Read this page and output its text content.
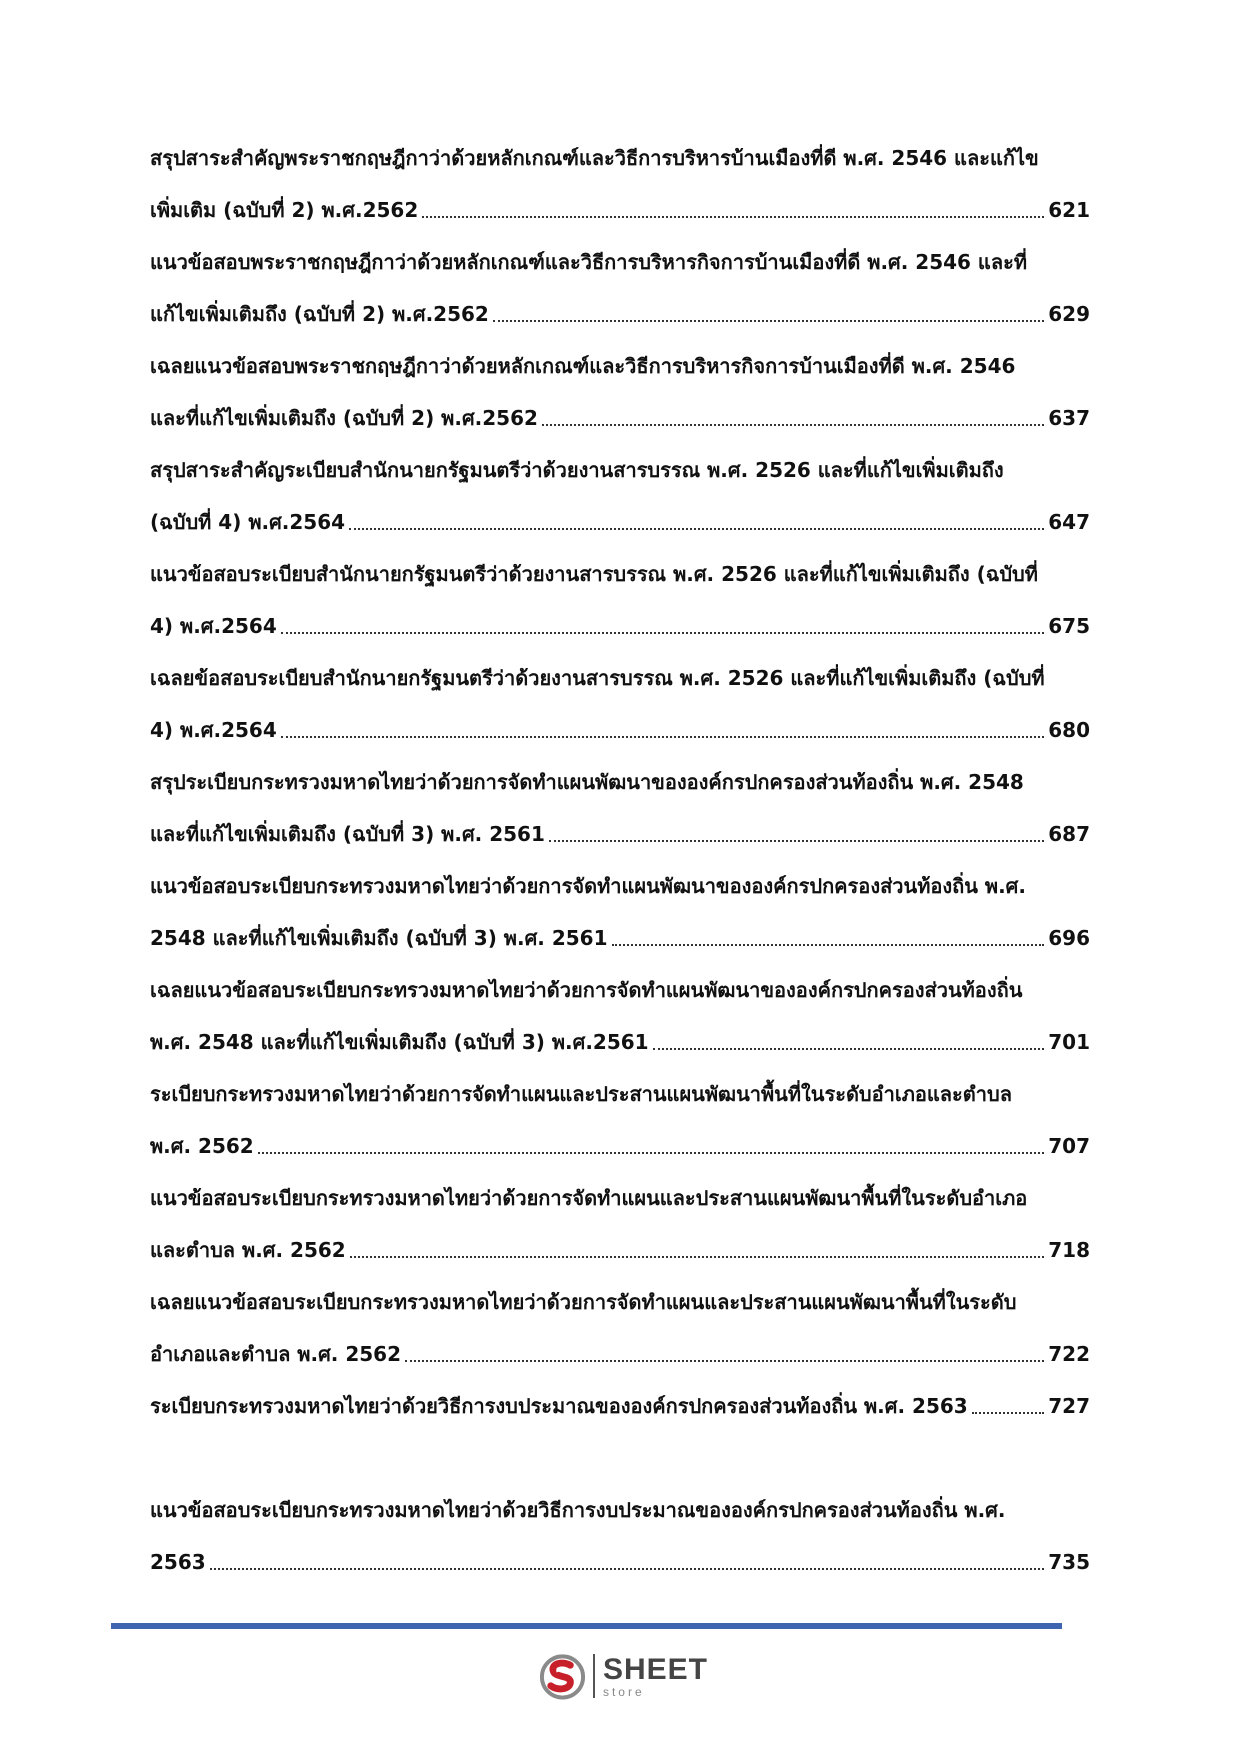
สรุปสาระสำคัญพระราชกฤษฎีกาว่าด้วยหลักเกณฑ์และวิธีการบริหารบ้านเมืองที่ดี พ.ศ. 2546 และแก้ไข
เพิ่มเติม (ฉบับที่ 2) พ.ศ.2562	621
แนวข้อสอบพระราชกฤษฎีกาว่าด้วยหลักเกณฑ์และวิธีการบริหารกิจการบ้านเมืองที่ดี พ.ศ. 2546 และที่
แก้ไขเพิ่มเติมถึง (ฉบับที่ 2) พ.ศ.2562	629
เฉลยแนวข้อสอบพระราชกฤษฎีกาว่าด้วยหลักเกณฑ์และวิธีการบริหารกิจการบ้านเมืองที่ดี พ.ศ. 2546
และที่แก้ไขเพิ่มเติมถึง (ฉบับที่ 2) พ.ศ.2562	637
สรุปสาระสำคัญระเบียบสำนักนายกรัฐมนตรีว่าด้วยงานสารบรรณ พ.ศ. 2526 และที่แก้ไขเพิ่มเติมถึง
(ฉบับที่ 4) พ.ศ.2564	647
แนวข้อสอบระเบียบสำนักนายกรัฐมนตรีว่าด้วยงานสารบรรณ พ.ศ. 2526 และที่แก้ไขเพิ่มเติมถึง (ฉบับที่
4) พ.ศ.2564	675
เฉลยข้อสอบระเบียบสำนักนายกรัฐมนตรีว่าด้วยงานสารบรรณ พ.ศ. 2526 และที่แก้ไขเพิ่มเติมถึง (ฉบับที่
4) พ.ศ.2564	680
สรุประเบียบกระทรวงมหาดไทยว่าด้วยการจัดทำแผนพัฒนาขององค์กรปกครองส่วนท้องถิ่น พ.ศ. 2548
และที่แก้ไขเพิ่มเติมถึง (ฉบับที่ 3) พ.ศ. 2561	687
แนวข้อสอบระเบียบกระทรวงมหาดไทยว่าด้วยการจัดทำแผนพัฒนาขององค์กรปกครองส่วนท้องถิ่น พ.ศ.
2548 และที่แก้ไขเพิ่มเติมถึง (ฉบับที่ 3) พ.ศ. 2561	696
เฉลยแนวข้อสอบระเบียบกระทรวงมหาดไทยว่าด้วยการจัดทำแผนพัฒนาขององค์กรปกครองส่วนท้องถิ่น
พ.ศ. 2548 และที่แก้ไขเพิ่มเติมถึง (ฉบับที่ 3) พ.ศ.2561	701
ระเบียบกระทรวงมหาดไทยว่าด้วยการจัดทำแผนและประสานแผนพัฒนาพื้นที่ในระดับอำเภอและตำบล
พ.ศ. 2562	707
แนวข้อสอบระเบียบกระทรวงมหาดไทยว่าด้วยการจัดทำแผนและประสานแผนพัฒนาพื้นที่ในระดับอำเภอ
และตำบล พ.ศ. 2562	718
เฉลยแนวข้อสอบระเบียบกระทรวงมหาดไทยว่าด้วยการจัดทำแผนและประสานแผนพัฒนาพื้นที่ในระดับ
อำเภอและตำบล พ.ศ. 2562	722
ระเบียบกระทรวงมหาดไทยว่าด้วยวิธีการงบประมาณขององค์กรปกครองส่วนท้องถิ่น พ.ศ. 2563	727
แนวข้อสอบระเบียบกระทรวงมหาดไทยว่าด้วยวิธีการงบประมาณขององค์กรปกครองส่วนท้องถิ่น พ.ศ.
2563	735
SHEET
store
